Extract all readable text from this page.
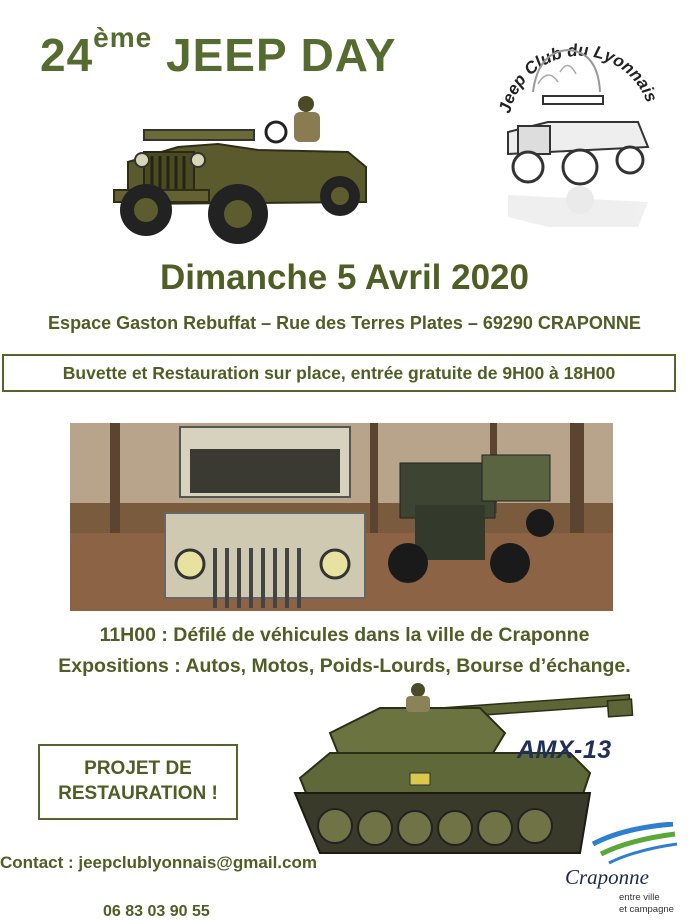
24ème JEEP DAY
Jeep Club du Lyonnais
Dimanche 5 Avril 2020
Espace Gaston Rebuffat – Rue des Terres Plates – 69290 CRAPONNE
Buvette et Restauration sur place, entrée gratuite de 9H00 à 18H00
11H00 : Défilé de véhicules dans la ville de Craponne
Expositions : Autos, Motos, Poids-Lourds, Bourse d’échange.
PROJET DE
RESTAURATION !
AMX-13
Contact : jeepclublyonnais@gmail.com
06 83 03 90 55
Craponne
entre ville
et campagne
